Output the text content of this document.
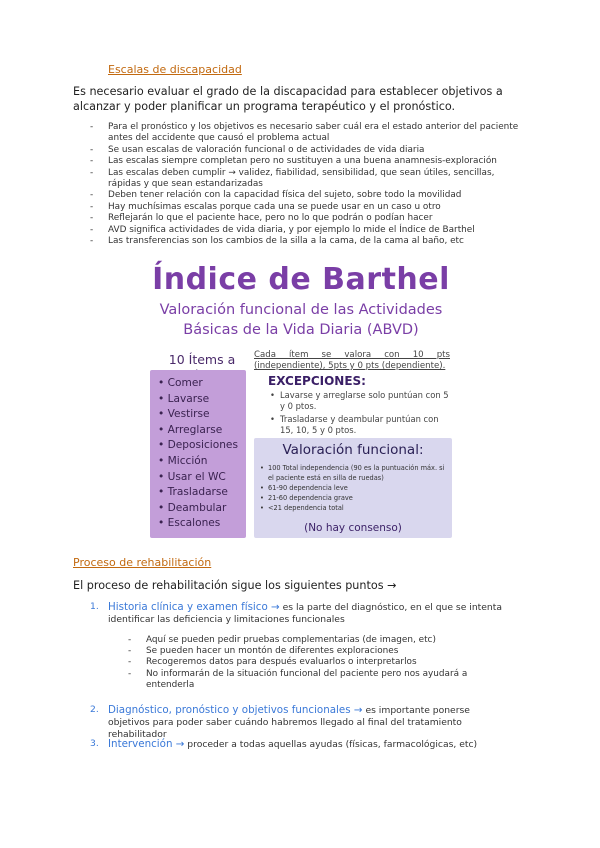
Escalas de discapacidad

Es necesario evaluar el grado de la discapacidad para establecer objetivos a alcanzar y poder planificar un programa terapéutico y el pronóstico.

- Para el pronóstico y los objetivos es necesario saber cuál era el estado anterior del paciente antes del accidente que causó el problema actual
- Se usan escalas de valoración funcional o de actividades de vida diaria
- Las escalas siempre completan pero no sustituyen a una buena anamnesis-exploración
- Las escalas deben cumplir → validez, fiabilidad, sensibilidad, que sean útiles, sencillas, rápidas y que sean estandarizadas
- Deben tener relación con la capacidad física del sujeto, sobre todo la movilidad
- Hay muchísimas escalas porque cada una se puede usar en un caso u otro
- Reflejarán lo que el paciente hace, pero no lo que podrán o podían hacer
- AVD significa actividades de vida diaria, y por ejemplo lo mide el Índice de Barthel
- Las transferencias son los cambios de la silla a la cama, de la cama al baño, etc
Índice de Barthel
Valoración funcional de las Actividades
Básicas de la Vida Diaria (ABVD)
10 Ítems a
• Comer
• Lavarse
• Vestirse
• Arreglarse
• Deposiciones
• Micción
• Usar el WC
• Trasladarse
• Deambular
• Escalones
Cada ítem se valora con 10 pts (independiente), 5pts y 0 pts (dependiente).
EXCEPCIONES:
• Lavarse y arreglarse solo puntúan con 5 y 0 ptos.
• Trasladarse y deambular puntúan con 15, 10, 5 y 0 ptos.
Valoración funcional:
• 100 Total independencia (90 es la puntuación máx. si el paciente está en silla de ruedas)
• 61-90 dependencia leve
• 21-60 dependencia grave
• <21 dependencia total
(No hay consenso)
Proceso de rehabilitación

El proceso de rehabilitación sigue los siguientes puntos →

1. Historia clínica y examen físico → es la parte del diagnóstico, en el que se intenta identificar las deficiencia y limitaciones funcionales
- Aquí se pueden pedir pruebas complementarias (de imagen, etc)
- Se pueden hacer un montón de diferentes exploraciones
- Recogeremos datos para después evaluarlos o interpretarlos
- No informarán de la situación funcional del paciente pero nos ayudará a entenderla
2. Diagnóstico, pronóstico y objetivos funcionales → es importante ponerse objetivos para poder saber cuándo habremos llegado al final del tratamiento rehabilitador
3. Intervención → proceder a todas aquellas ayudas (físicas, farmacológicas, etc)
